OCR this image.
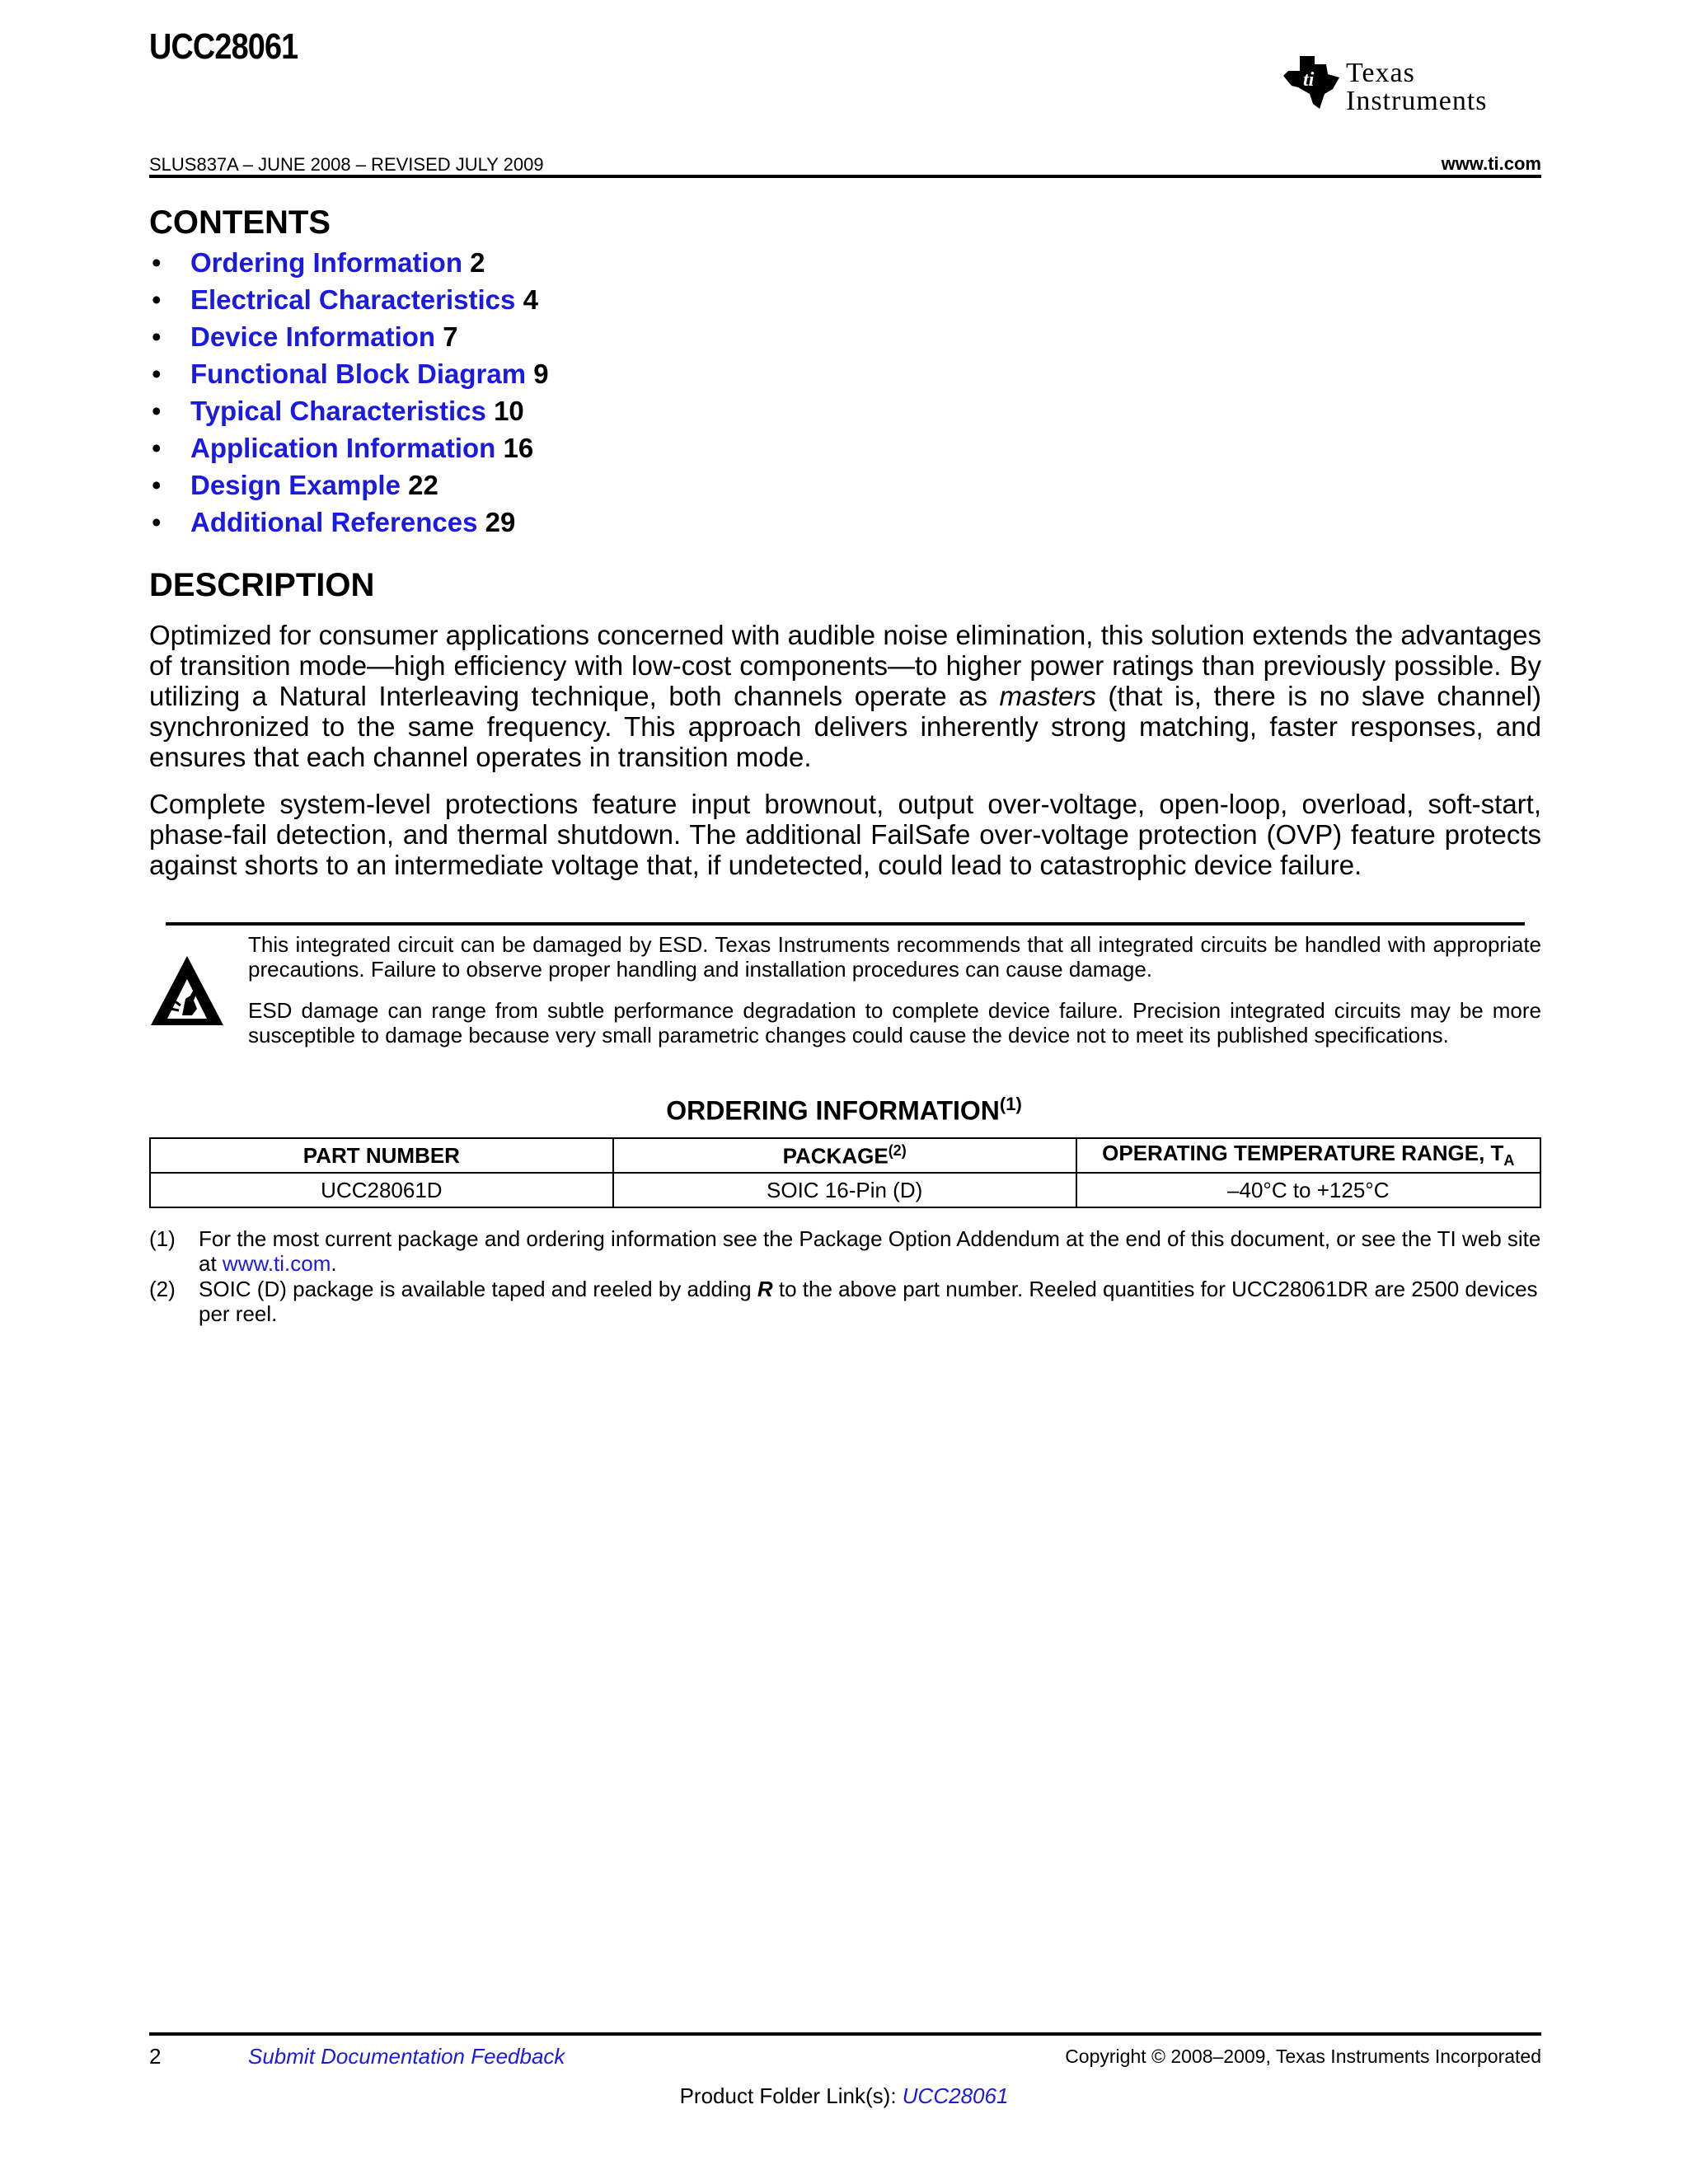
UCC28061
ti Texas
Instruments
SLUS837A – JUNE 2008 – REVISED JULY 2009	www.ti.com
CONTENTS
• Ordering Information 2
• Electrical Characteristics 4
• Device Information 7
• Functional Block Diagram 9
• Typical Characteristics 10
• Application Information 16
• Design Example 22
• Additional References 29
DESCRIPTION
Optimized for consumer applications concerned with audible noise elimination, this solution extends the advantages of transition mode—high efficiency with low-cost components—to higher power ratings than previously possible. By utilizing a Natural Interleaving technique, both channels operate as masters (that is, there is no slave channel) synchronized to the same frequency. This approach delivers inherently strong matching, faster responses, and ensures that each channel operates in transition mode.
Complete system-level protections feature input brownout, output over-voltage, open-loop, overload, soft-start, phase-fail detection, and thermal shutdown. The additional FailSafe over-voltage protection (OVP) feature protects against shorts to an intermediate voltage that, if undetected, could lead to catastrophic device failure.
This integrated circuit can be damaged by ESD. Texas Instruments recommends that all integrated circuits be handled with appropriate precautions. Failure to observe proper handling and installation procedures can cause damage.
ESD damage can range from subtle performance degradation to complete device failure. Precision integrated circuits may be more susceptible to damage because very small parametric changes could cause the device not to meet its published specifications.
ORDERING INFORMATION$^{(1)}$
PART NUMBER	PACKAGE$^{(2)}$	OPERATING TEMPERATURE RANGE, $T_A$
UCC28061D	SOIC 16-Pin (D)	–40°C to +125°C
(1) For the most current package and ordering information see the Package Option Addendum at the end of this document, or see the TI web site at www.ti.com.
(2) SOIC (D) package is available taped and reeled by adding R to the above part number. Reeled quantities for UCC28061DR are 2500 devices per reel.
2	Submit Documentation Feedback	Copyright © 2008–2009, Texas Instruments Incorporated
Product Folder Link(s): UCC28061
